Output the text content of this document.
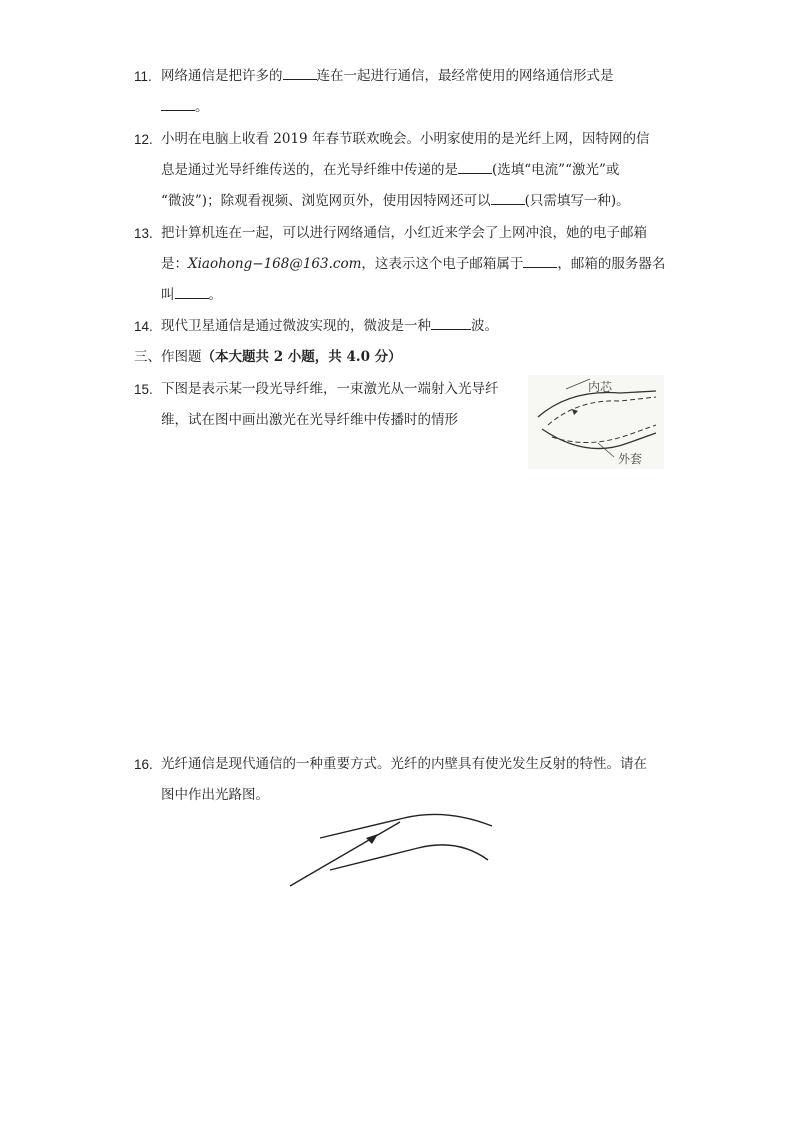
11. 网络通信是把许多的	连在一起进行通信，最经常使用的网络通信形式是
。
12. 小明在电脑上收看 2019 年春节联欢晚会。小明家使用的是光纤上网，因特网的信
息是通过光导纤维传送的，在光导纤维中传递的是	(选填“电流”“激光”或
“微波”)；除观看视频、浏览网页外，使用因特网还可以	(只需填写一种)。
13. 把计算机连在一起，可以进行网络通信，小红近来学会了上网冲浪，她的电子邮箱
是：Xiaohong−168@163.com，这表示这个电子邮箱属于	，邮箱的服务器名
叫	。
14. 现代卫星通信是通过微波实现的，微波是一种	波。
三、作图题（本大题共 2 小题，共 4.0 分）
15. 下图是表示某一段光导纤维，一束激光从一端射入光导纤
维，试在图中画出激光在光导纤维中传播时的情形
内芯
外套
16. 光纤通信是现代通信的一种重要方式。光纤的内壁具有使光发生反射的特性。请在
图中作出光路图。
